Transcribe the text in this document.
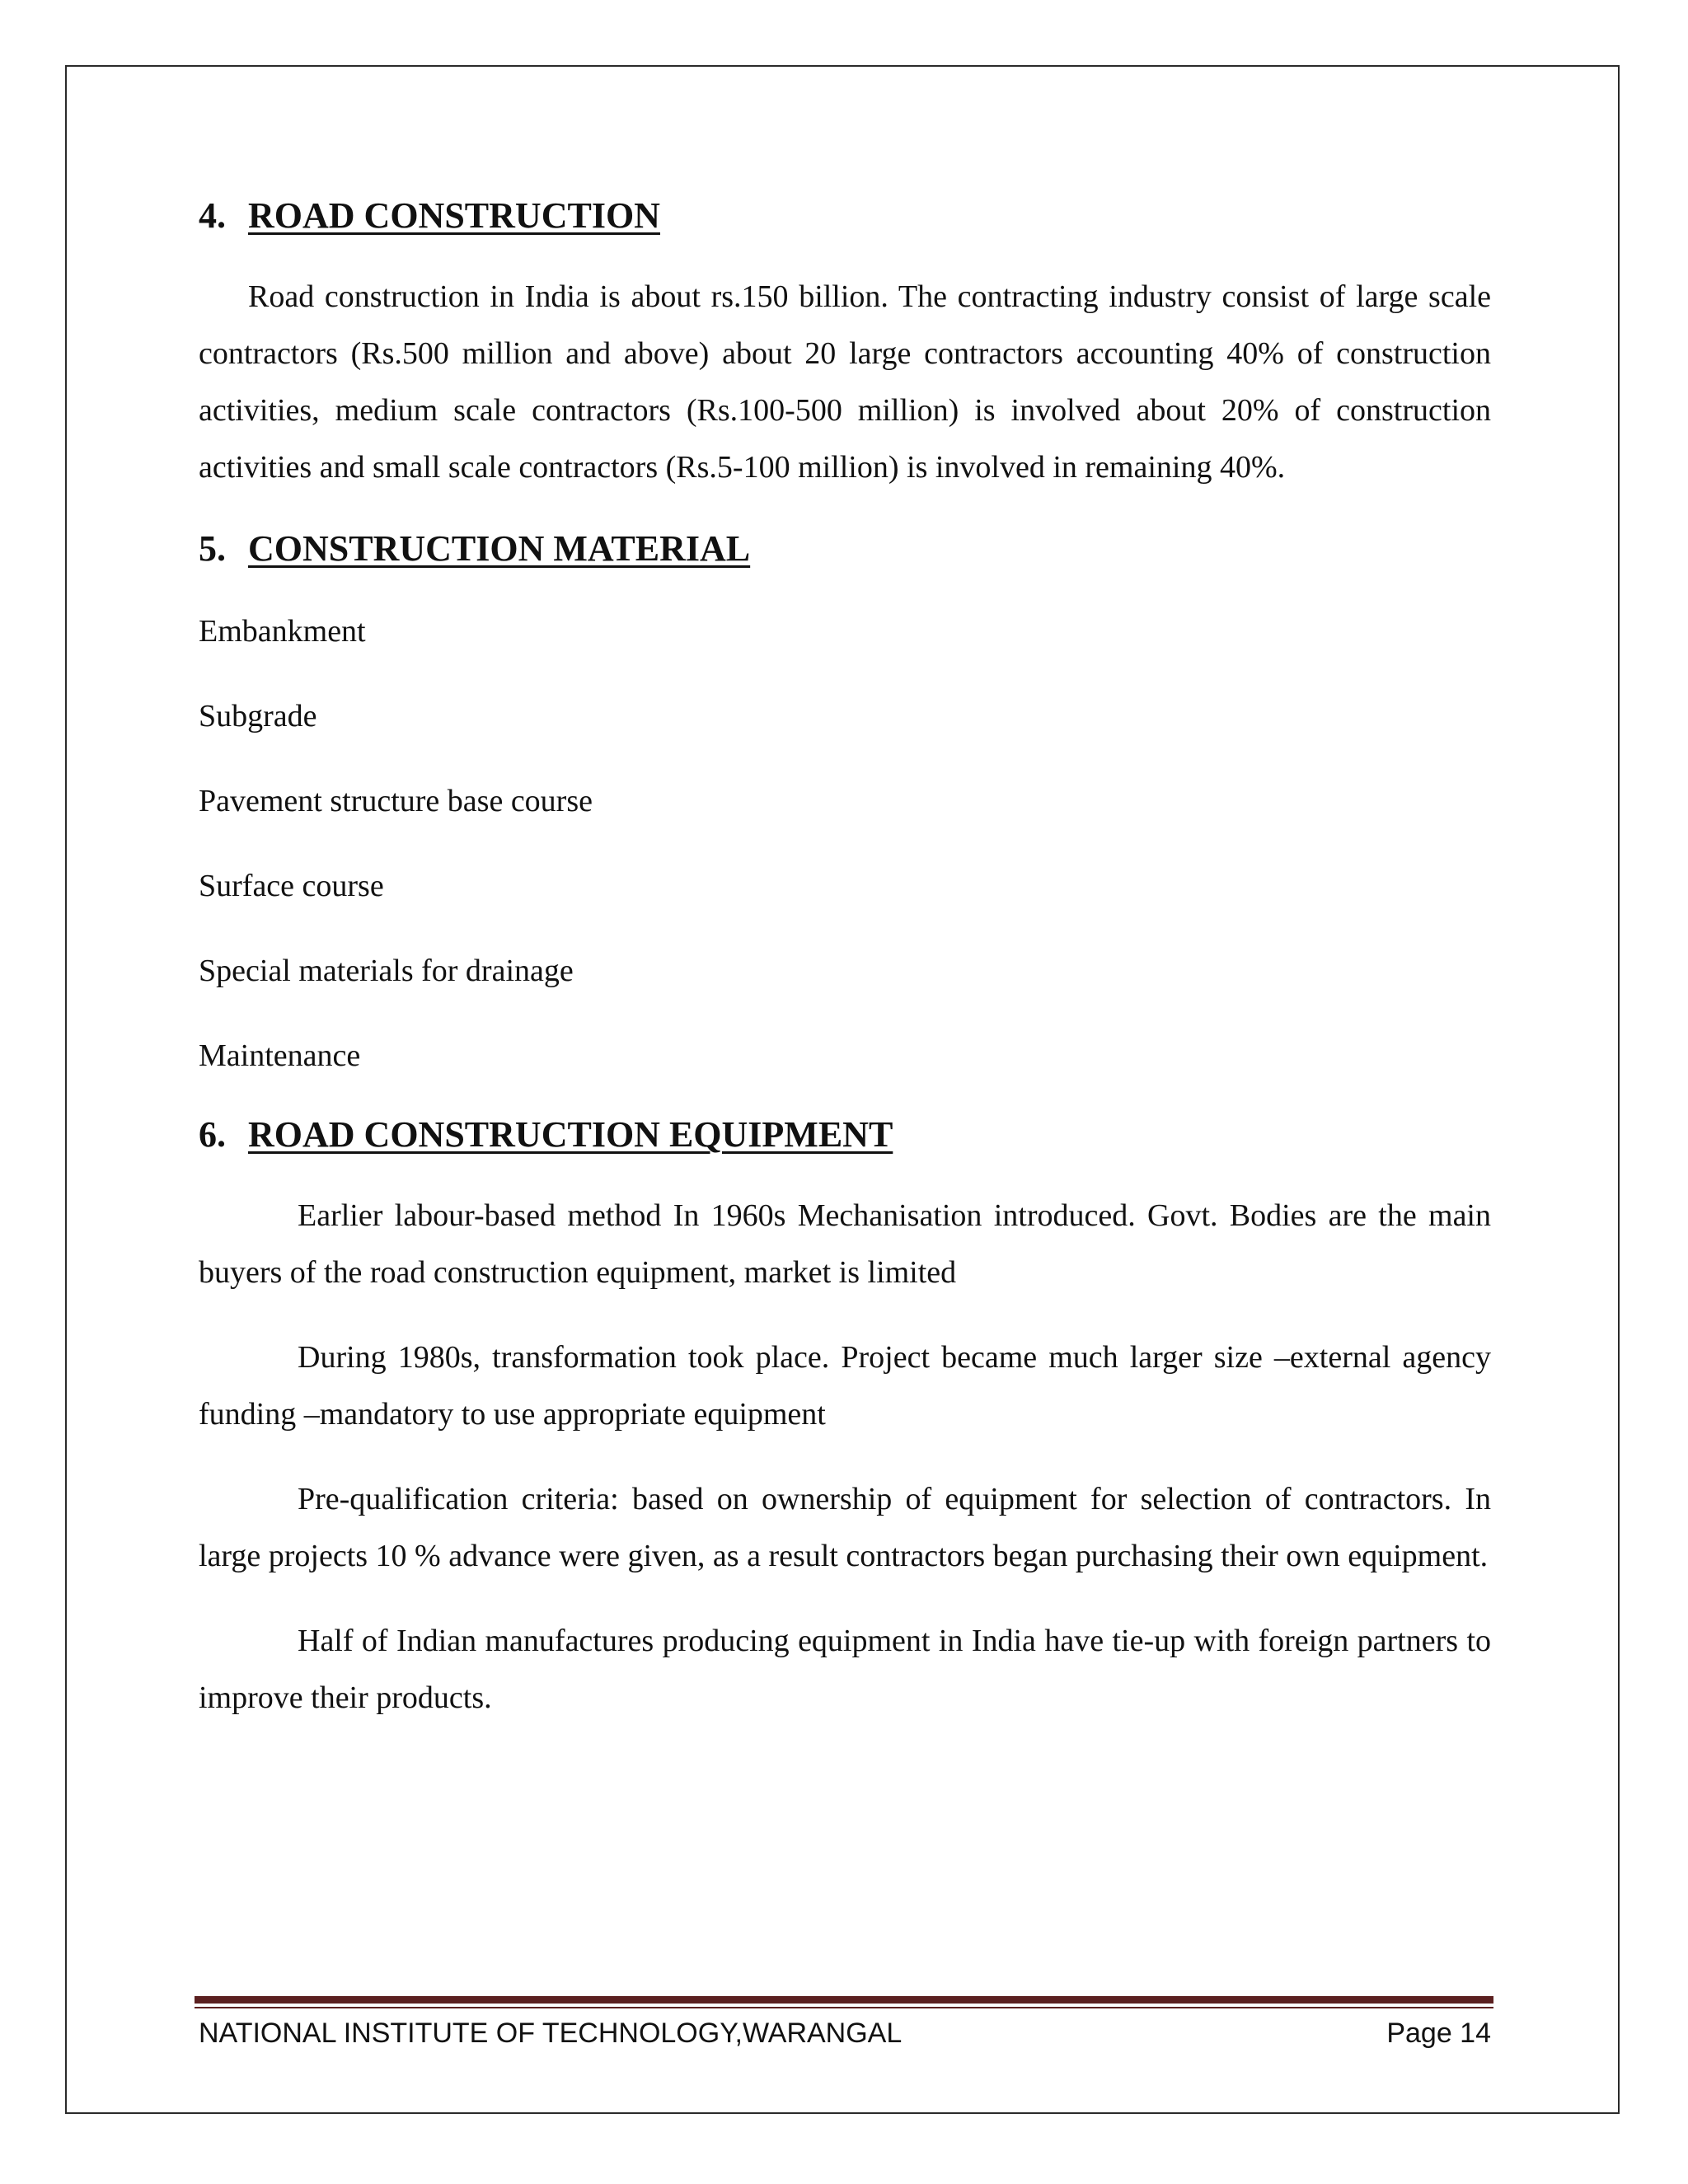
4. ROAD CONSTRUCTION

Road construction in India is about rs.150 billion. The contracting industry consist of large scale contractors (Rs.500 million and above) about 20 large contractors accounting 40% of construction activities, medium scale contractors (Rs.100-500 million) is involved about 20% of construction activities and small scale contractors (Rs.5-100 million) is involved in remaining 40%.

5. CONSTRUCTION MATERIAL
Embankment
Subgrade
Pavement structure base course
Surface course
Special materials for drainage
Maintenance
6. ROAD CONSTRUCTION EQUIPMENT

Earlier labour-based method In 1960s Mechanisation introduced. Govt. Bodies are the main buyers of the road construction equipment, market is limited

During 1980s, transformation took place. Project became much larger size –external agency funding –mandatory to use appropriate equipment

Pre-qualification criteria: based on ownership of equipment for selection of contractors. In large projects 10 % advance were given, as a result contractors began purchasing their own equipment.

Half of Indian manufactures producing equipment in India have tie-up with foreign partners to improve their products.

NATIONAL INSTITUTE OF TECHNOLOGY,WARANGAL	Page 14
